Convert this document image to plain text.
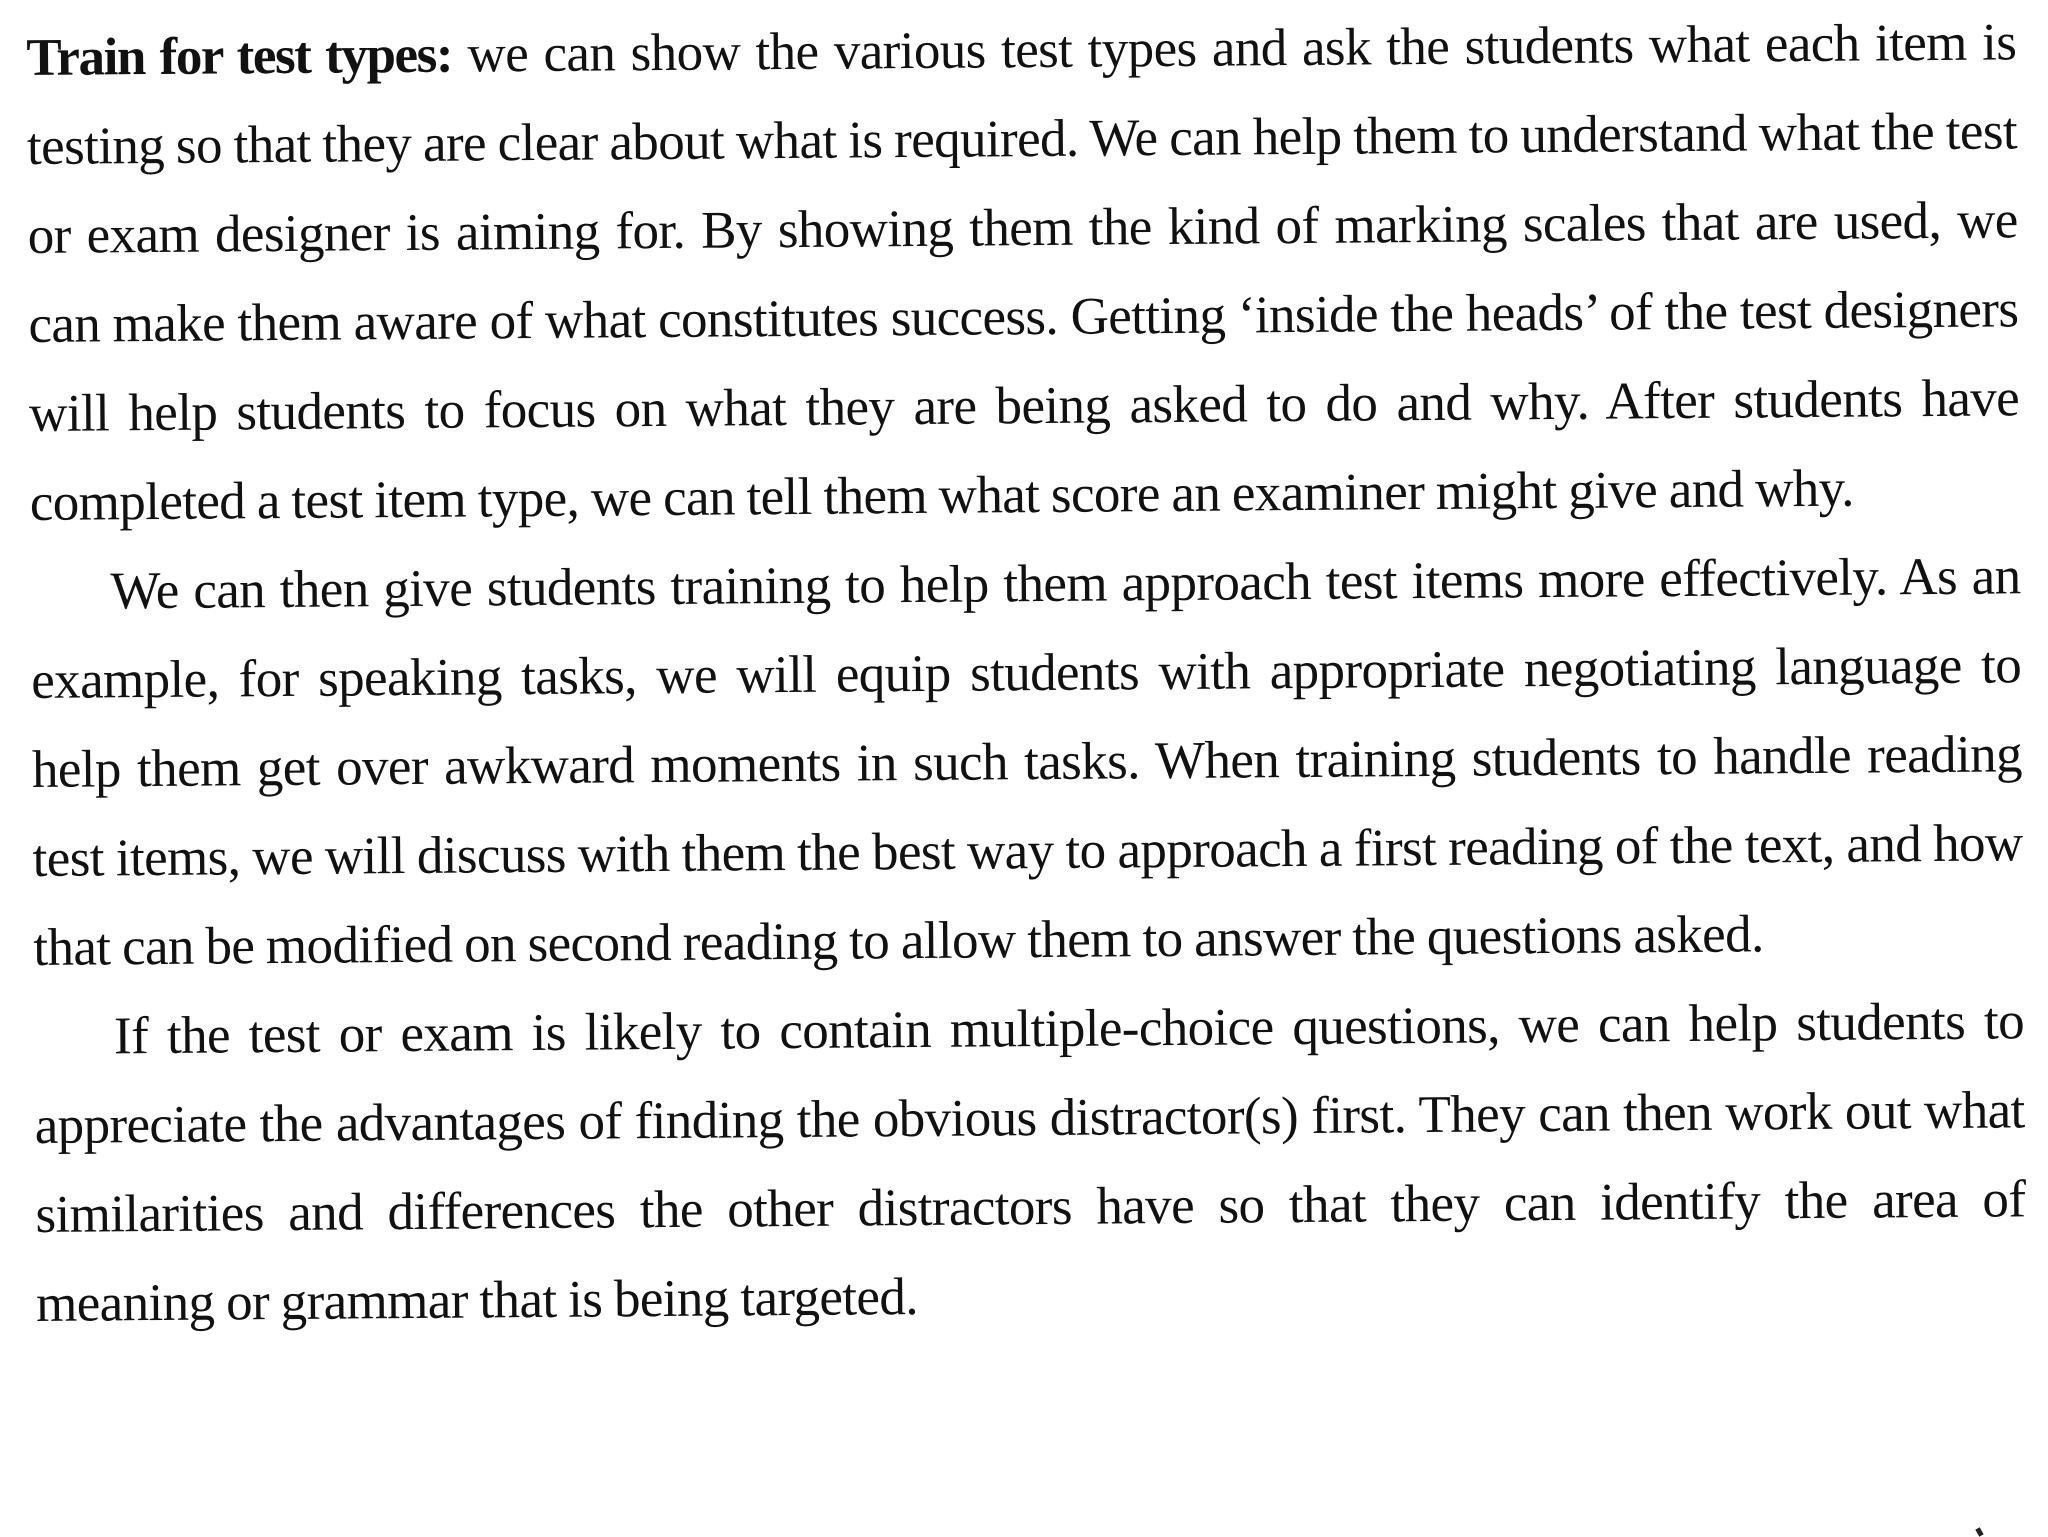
Train for test types: we can show the various test types and ask the students what each item is testing so that they are clear about what is required. We can help them to understand what the test or exam designer is aiming for. By showing them the kind of marking scales that are used, we can make them aware of what constitutes success. Getting ‘inside the heads’ of the test designers will help students to focus on what they are being asked to do and why. After students have completed a test item type, we can tell them what score an examiner might give and why.

We can then give students training to help them approach test items more effectively. As an example, for speaking tasks, we will equip students with appropriate negotiating language to help them get over awkward moments in such tasks. When training students to handle reading test items, we will discuss with them the best way to approach a first reading of the text, and how that can be modified on second reading to allow them to answer the questions asked.

If the test or exam is likely to contain multiple-choice questions, we can help students to appreciate the advantages of finding the obvious distractor(s) first. They can then work out what similarities and differences the other distractors have so that they can identify the area of meaning or grammar that is being targeted.
